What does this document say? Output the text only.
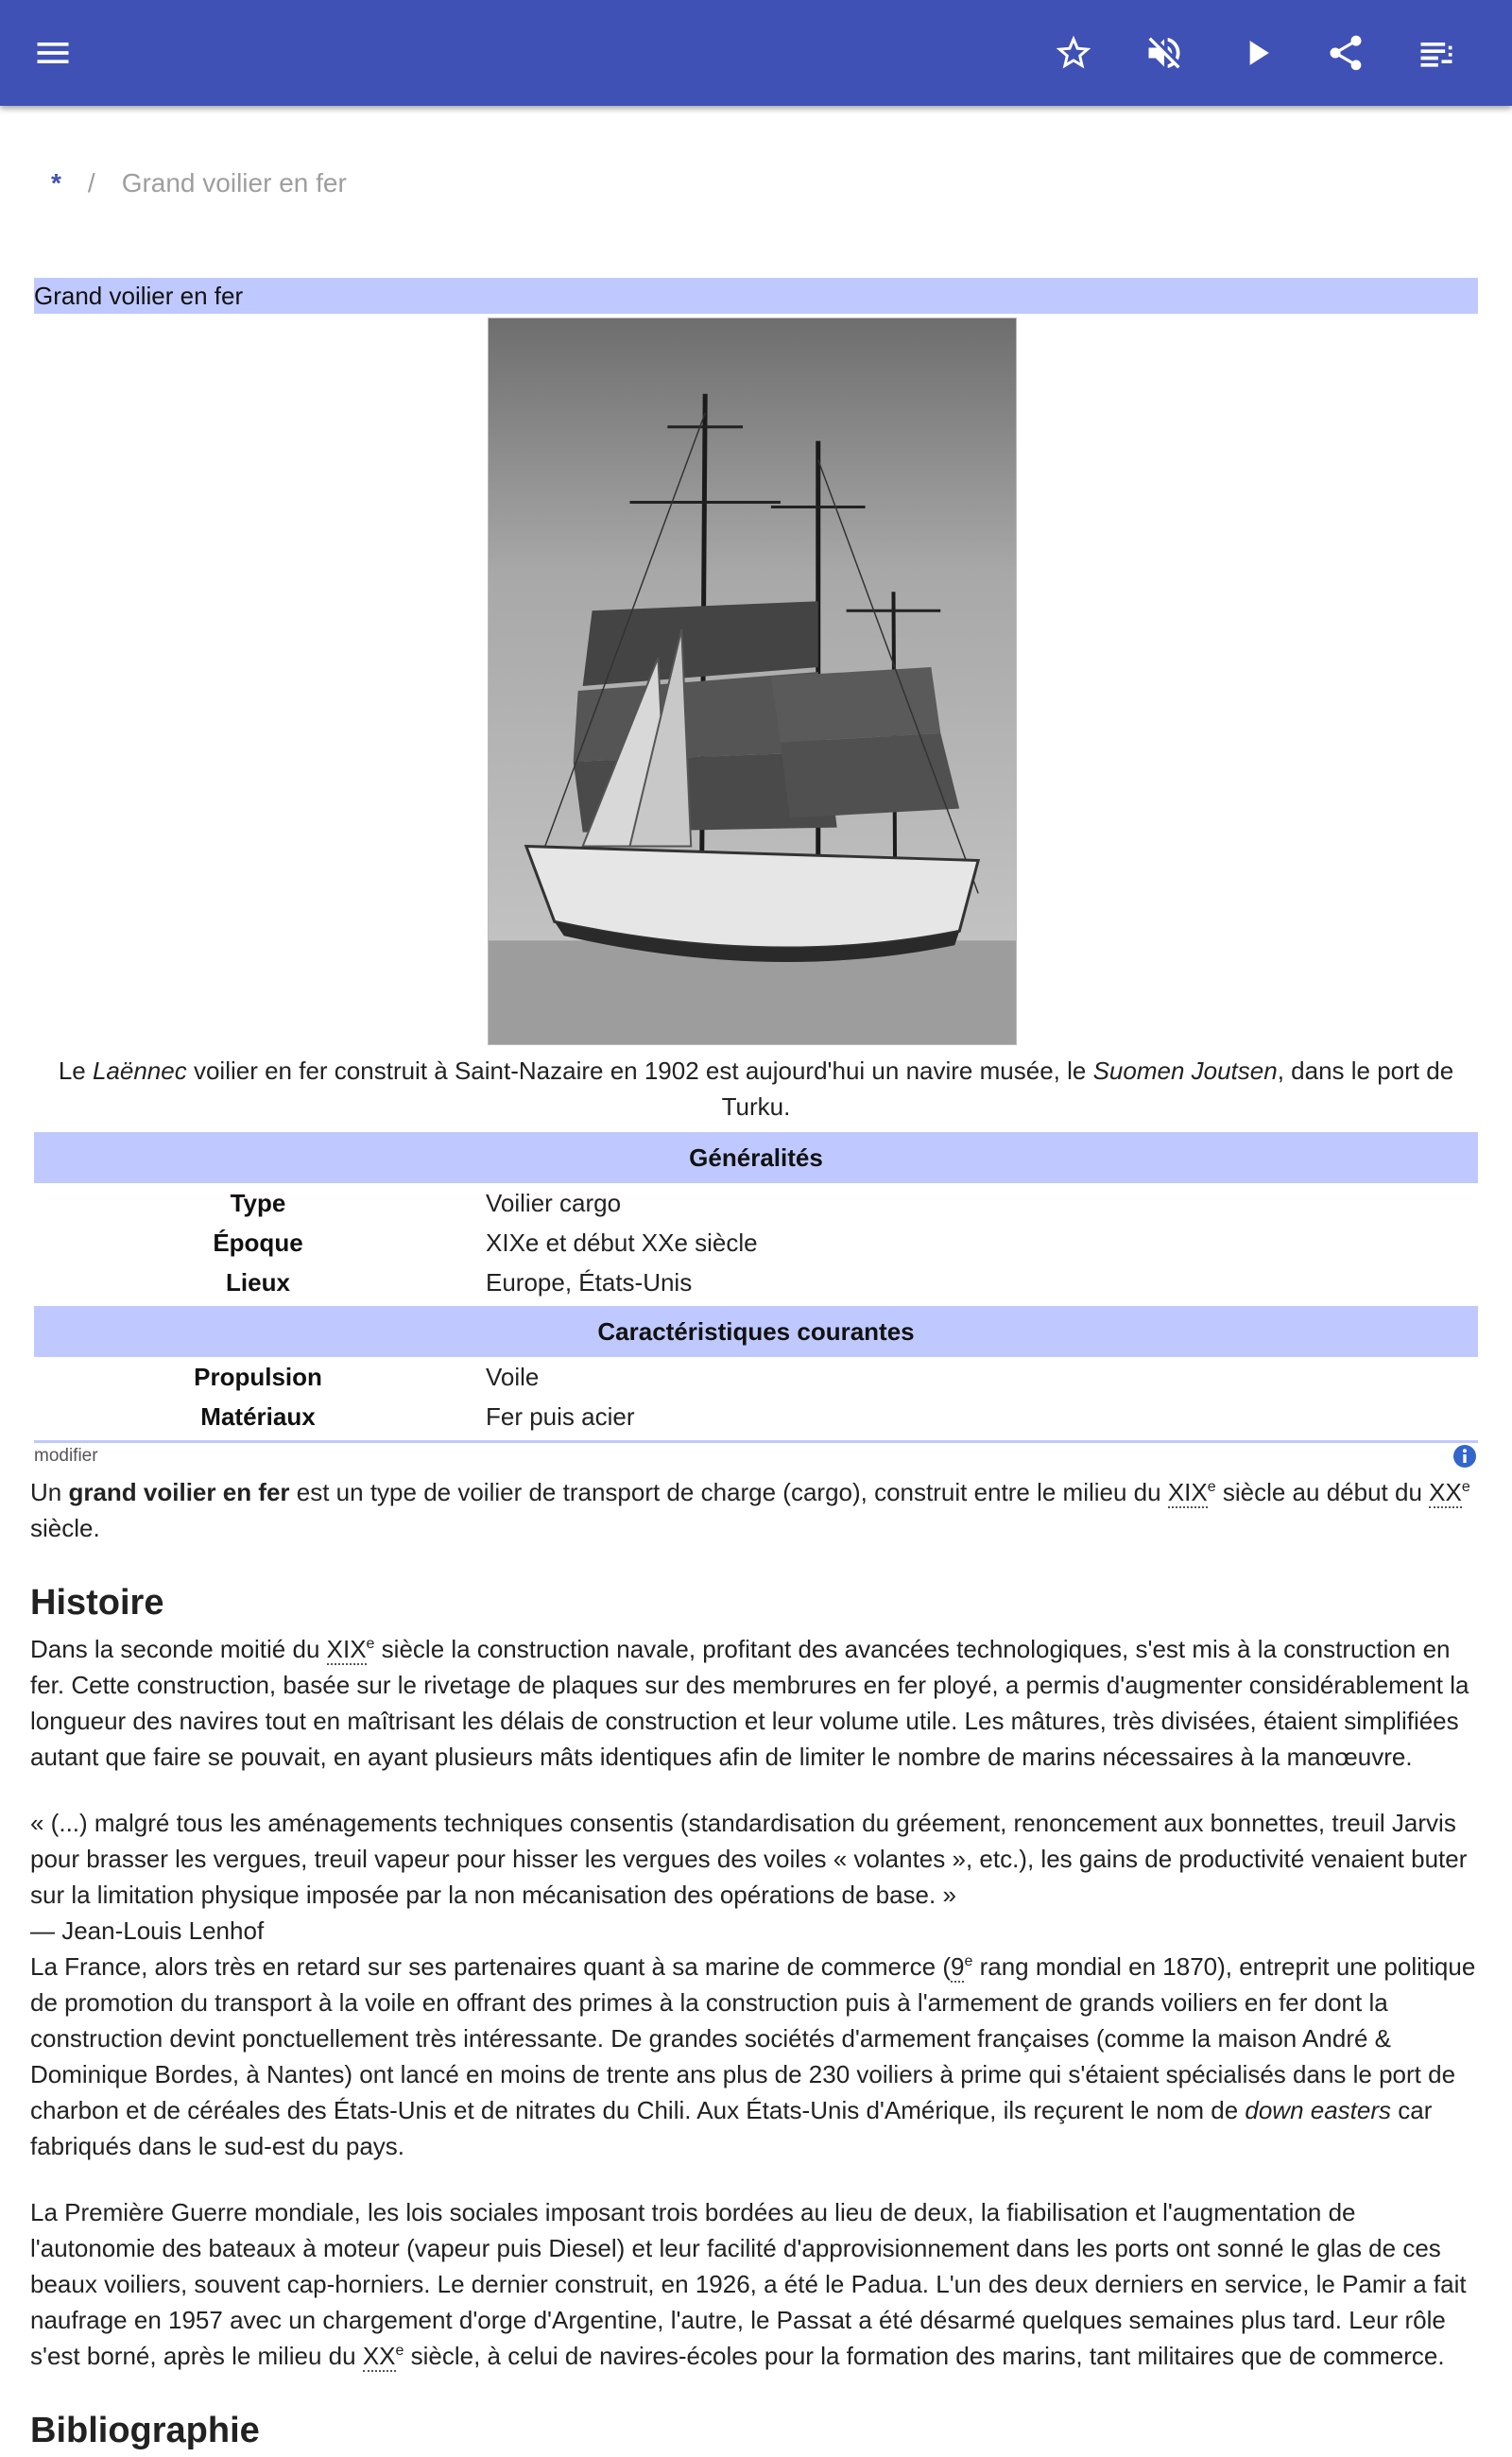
* / Grand voilier en fer
Grand voilier en fer
Le Laënnec voilier en fer construit à Saint-Nazaire en 1902 est aujourd'hui un navire musée, le Suomen Joutsen, dans le port de Turku.
Généralités
Type	Voilier cargo
Époque	XIXe et début XXe siècle
Lieux	Europe, États-Unis
Caractéristiques courantes
Propulsion	Voile
Matériaux	Fer puis acier
modifier

Un grand voilier en fer est un type de voilier de transport de charge (cargo), construit entre le milieu du XIXe siècle au début du XXe siècle.

Histoire

Dans la seconde moitié du XIXe siècle la construction navale, profitant des avancées technologiques, s'est mis à la construction en fer. Cette construction, basée sur le rivetage de plaques sur des membrures en fer ployé, a permis d'augmenter considérablement la longueur des navires tout en maîtrisant les délais de construction et leur volume utile. Les mâtures, très divisées, étaient simplifiées autant que faire se pouvait, en ayant plusieurs mâts identiques afin de limiter le nombre de marins nécessaires à la manœuvre.

« (...) malgré tous les aménagements techniques consentis (standardisation du gréement, renoncement aux bonnettes, treuil Jarvis pour brasser les vergues, treuil vapeur pour hisser les vergues des voiles « volantes », etc.), les gains de productivité venaient buter sur la limitation physique imposée par la non mécanisation des opérations de base. »

— Jean-Louis Lenhof

La France, alors très en retard sur ses partenaires quant à sa marine de commerce (9e rang mondial en 1870), entreprit une politique de promotion du transport à la voile en offrant des primes à la construction puis à l'armement de grands voiliers en fer dont la construction devint ponctuellement très intéressante. De grandes sociétés d'armement françaises (comme la maison André & Dominique Bordes, à Nantes) ont lancé en moins de trente ans plus de 230 voiliers à prime qui s'étaient spécialisés dans le port de charbon et de céréales des États-Unis et de nitrates du Chili. Aux États-Unis d'Amérique, ils reçurent le nom de down easters car fabriqués dans le sud-est du pays.

La Première Guerre mondiale, les lois sociales imposant trois bordées au lieu de deux, la fiabilisation et l'augmentation de l'autonomie des bateaux à moteur (vapeur puis Diesel) et leur facilité d'approvisionnement dans les ports ont sonné le glas de ces beaux voiliers, souvent cap-horniers. Le dernier construit, en 1926, a été le Padua. L'un des deux derniers en service, le Pamir a fait naufrage en 1957 avec un chargement d'orge d'Argentine, l'autre, le Passat a été désarmé quelques semaines plus tard. Leur rôle s'est borné, après le milieu du XXe siècle, à celui de navires-écoles pour la formation des marins, tant militaires que de commerce.

Bibliographie
